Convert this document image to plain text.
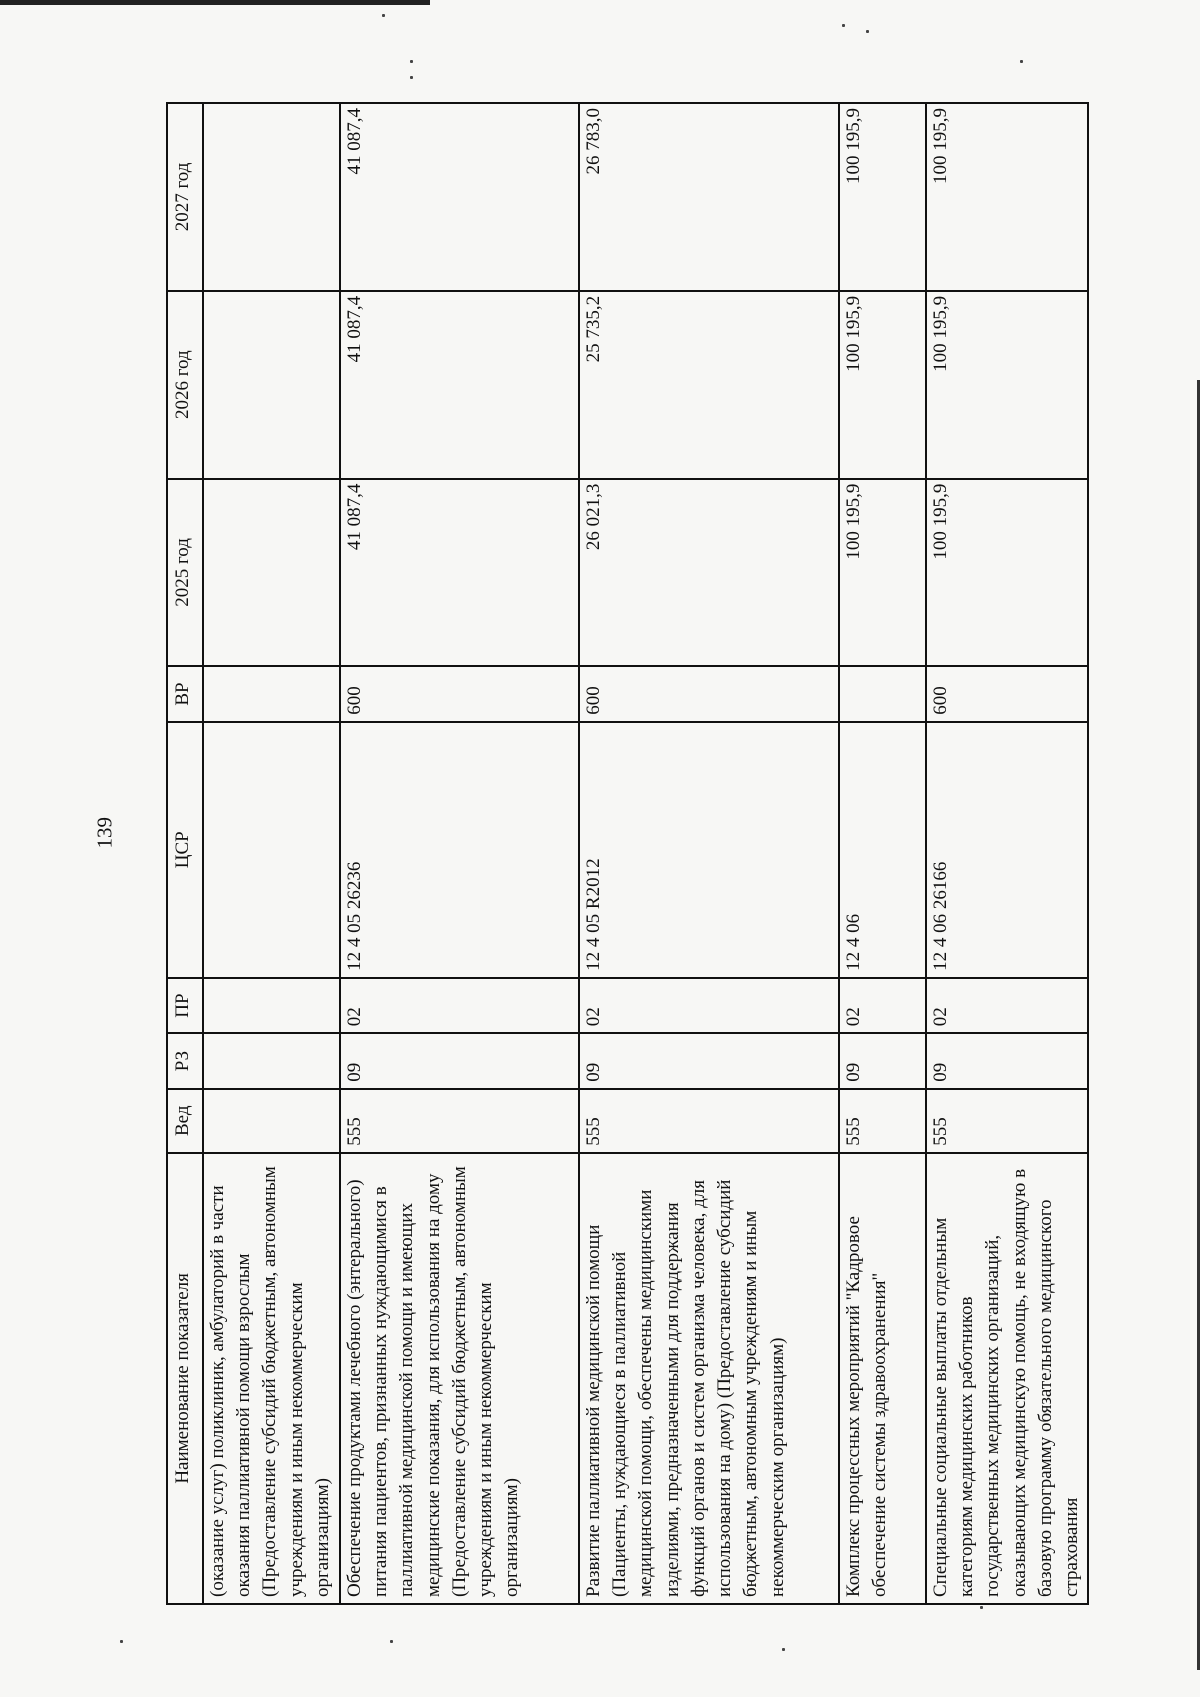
139
Наименование показателя	Вед	РЗ	ПР	ЦСР	ВР	2025 год	2026 год	2027 год
(оказание услуг) поликлиник, амбулаторий в части оказания паллиативной помощи взрослым (Предоставление субсидий бюджетным, автономным учреждениям и иным некоммерческим организациям)								
Обеспечение продуктами лечебного (энтерального) питания пациентов, признанных нуждающимися в паллиативной медицинской помощи и имеющих медицинские показания, для использования на дому (Предоставление субсидий бюджетным, автономным учреждениям и иным некоммерческим организациям)	555	09	02	12 4 05 26236	600	41 087,4	41 087,4	41 087,4
Развитие паллиативной медицинской помощи (Пациенты, нуждающиеся в паллиативной медицинской помощи, обеспечены медицинскими изделиями, предназначенными для поддержания функций органов и систем организма человека, для использования на дому) (Предоставление субсидий бюджетным, автономным учреждениям и иным некоммерческим организациям)	555	09	02	12 4 05 R2012	600	26 021,3	25 735,2	26 783,0
Комплекс процессных мероприятий "Кадровое обеспечение системы здравоохранения"	555	09	02	12 4 06		100 195,9	100 195,9	100 195,9
Специальные социальные выплаты отдельным категориям медицинских работников государственных медицинских организаций, оказывающих медицинскую помощь, не входящую в базовую программу обязательного медицинского страхования	555	09	02	12 4 06 26166	600	100 195,9	100 195,9	100 195,9
